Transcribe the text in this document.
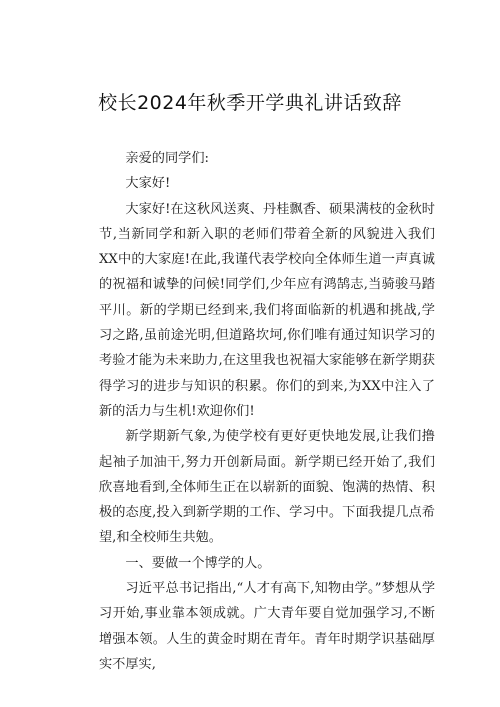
校长2024年秋季开学典礼讲话致辞

亲爱的同学们:

大家好!

大家好!在这秋风送爽、丹桂飘香、硕果满枝的金秋时节,当新同学和新入职的老师们带着全新的风貌进入我们XX中的大家庭!在此,我谨代表学校向全体师生道一声真诚的祝福和诚挚的问候!同学们,少年应有鸿鹄志,当骑骏马踏平川。新的学期已经到来,我们将面临新的机遇和挑战,学习之路,虽前途光明,但道路坎坷,你们唯有通过知识学习的考验才能为未来助力,在这里我也祝福大家能够在新学期获得学习的进步与知识的积累。你们的到来,为XX中注入了新的活力与生机!欢迎你们!

新学期新气象,为使学校有更好更快地发展,让我们撸起袖子加油干,努力开创新局面。新学期已经开始了,我们欣喜地看到,全体师生正在以崭新的面貌、饱满的热情、积极的态度,投入到新学期的工作、学习中。下面我提几点希望,和全校师生共勉。

一、要做一个博学的人。

习近平总书记指出,“人才有高下,知物由学。”梦想从学习开始,事业靠本领成就。广大青年要自觉加强学习,不断增强本领。人生的黄金时期在青年。青年时期学识基础厚实不厚实,
